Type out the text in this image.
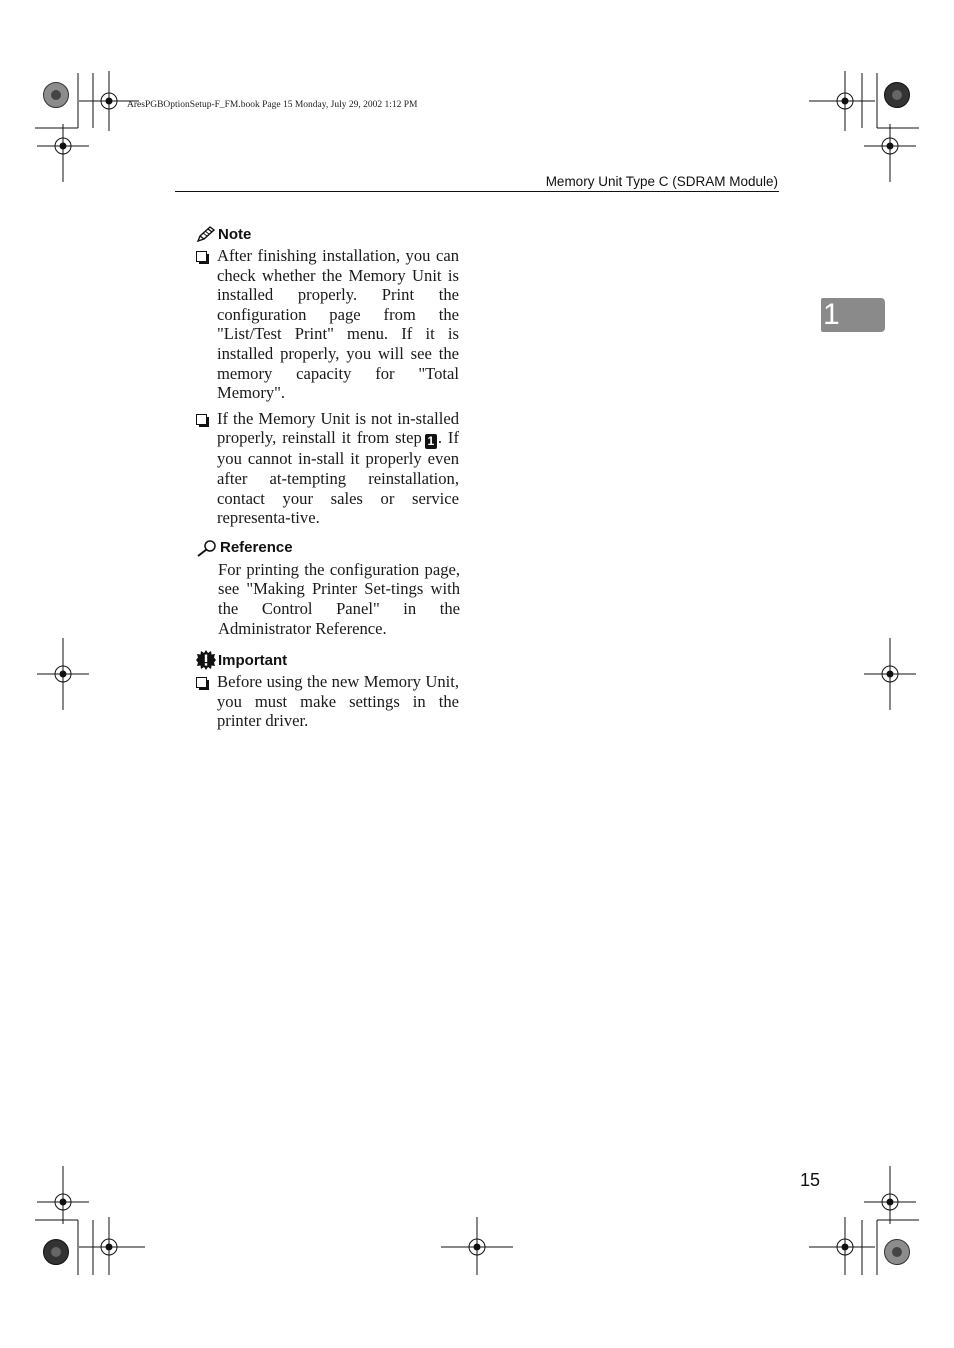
AresPGBOptionSetup-F_FM.book Page 15 Monday, July 29, 2002 1:12 PM
Memory Unit Type C (SDRAM Module)
1
Note
After finishing installation, you can check whether the Memory Unit is installed properly. Print the configuration page from the "List/Test Print" menu. If it is installed properly, you will see the memory capacity for "Total Memory".
If the Memory Unit is not in-stalled properly, reinstall it from step 1 . If you cannot in-stall it properly even after at-tempting reinstallation, contact your sales or service representa-tive.
Reference
For printing the configuration page, see "Making Printer Set-tings with the Control Panel" in the Administrator Reference.
Important
Before using the new Memory Unit, you must make settings in the printer driver.
15
